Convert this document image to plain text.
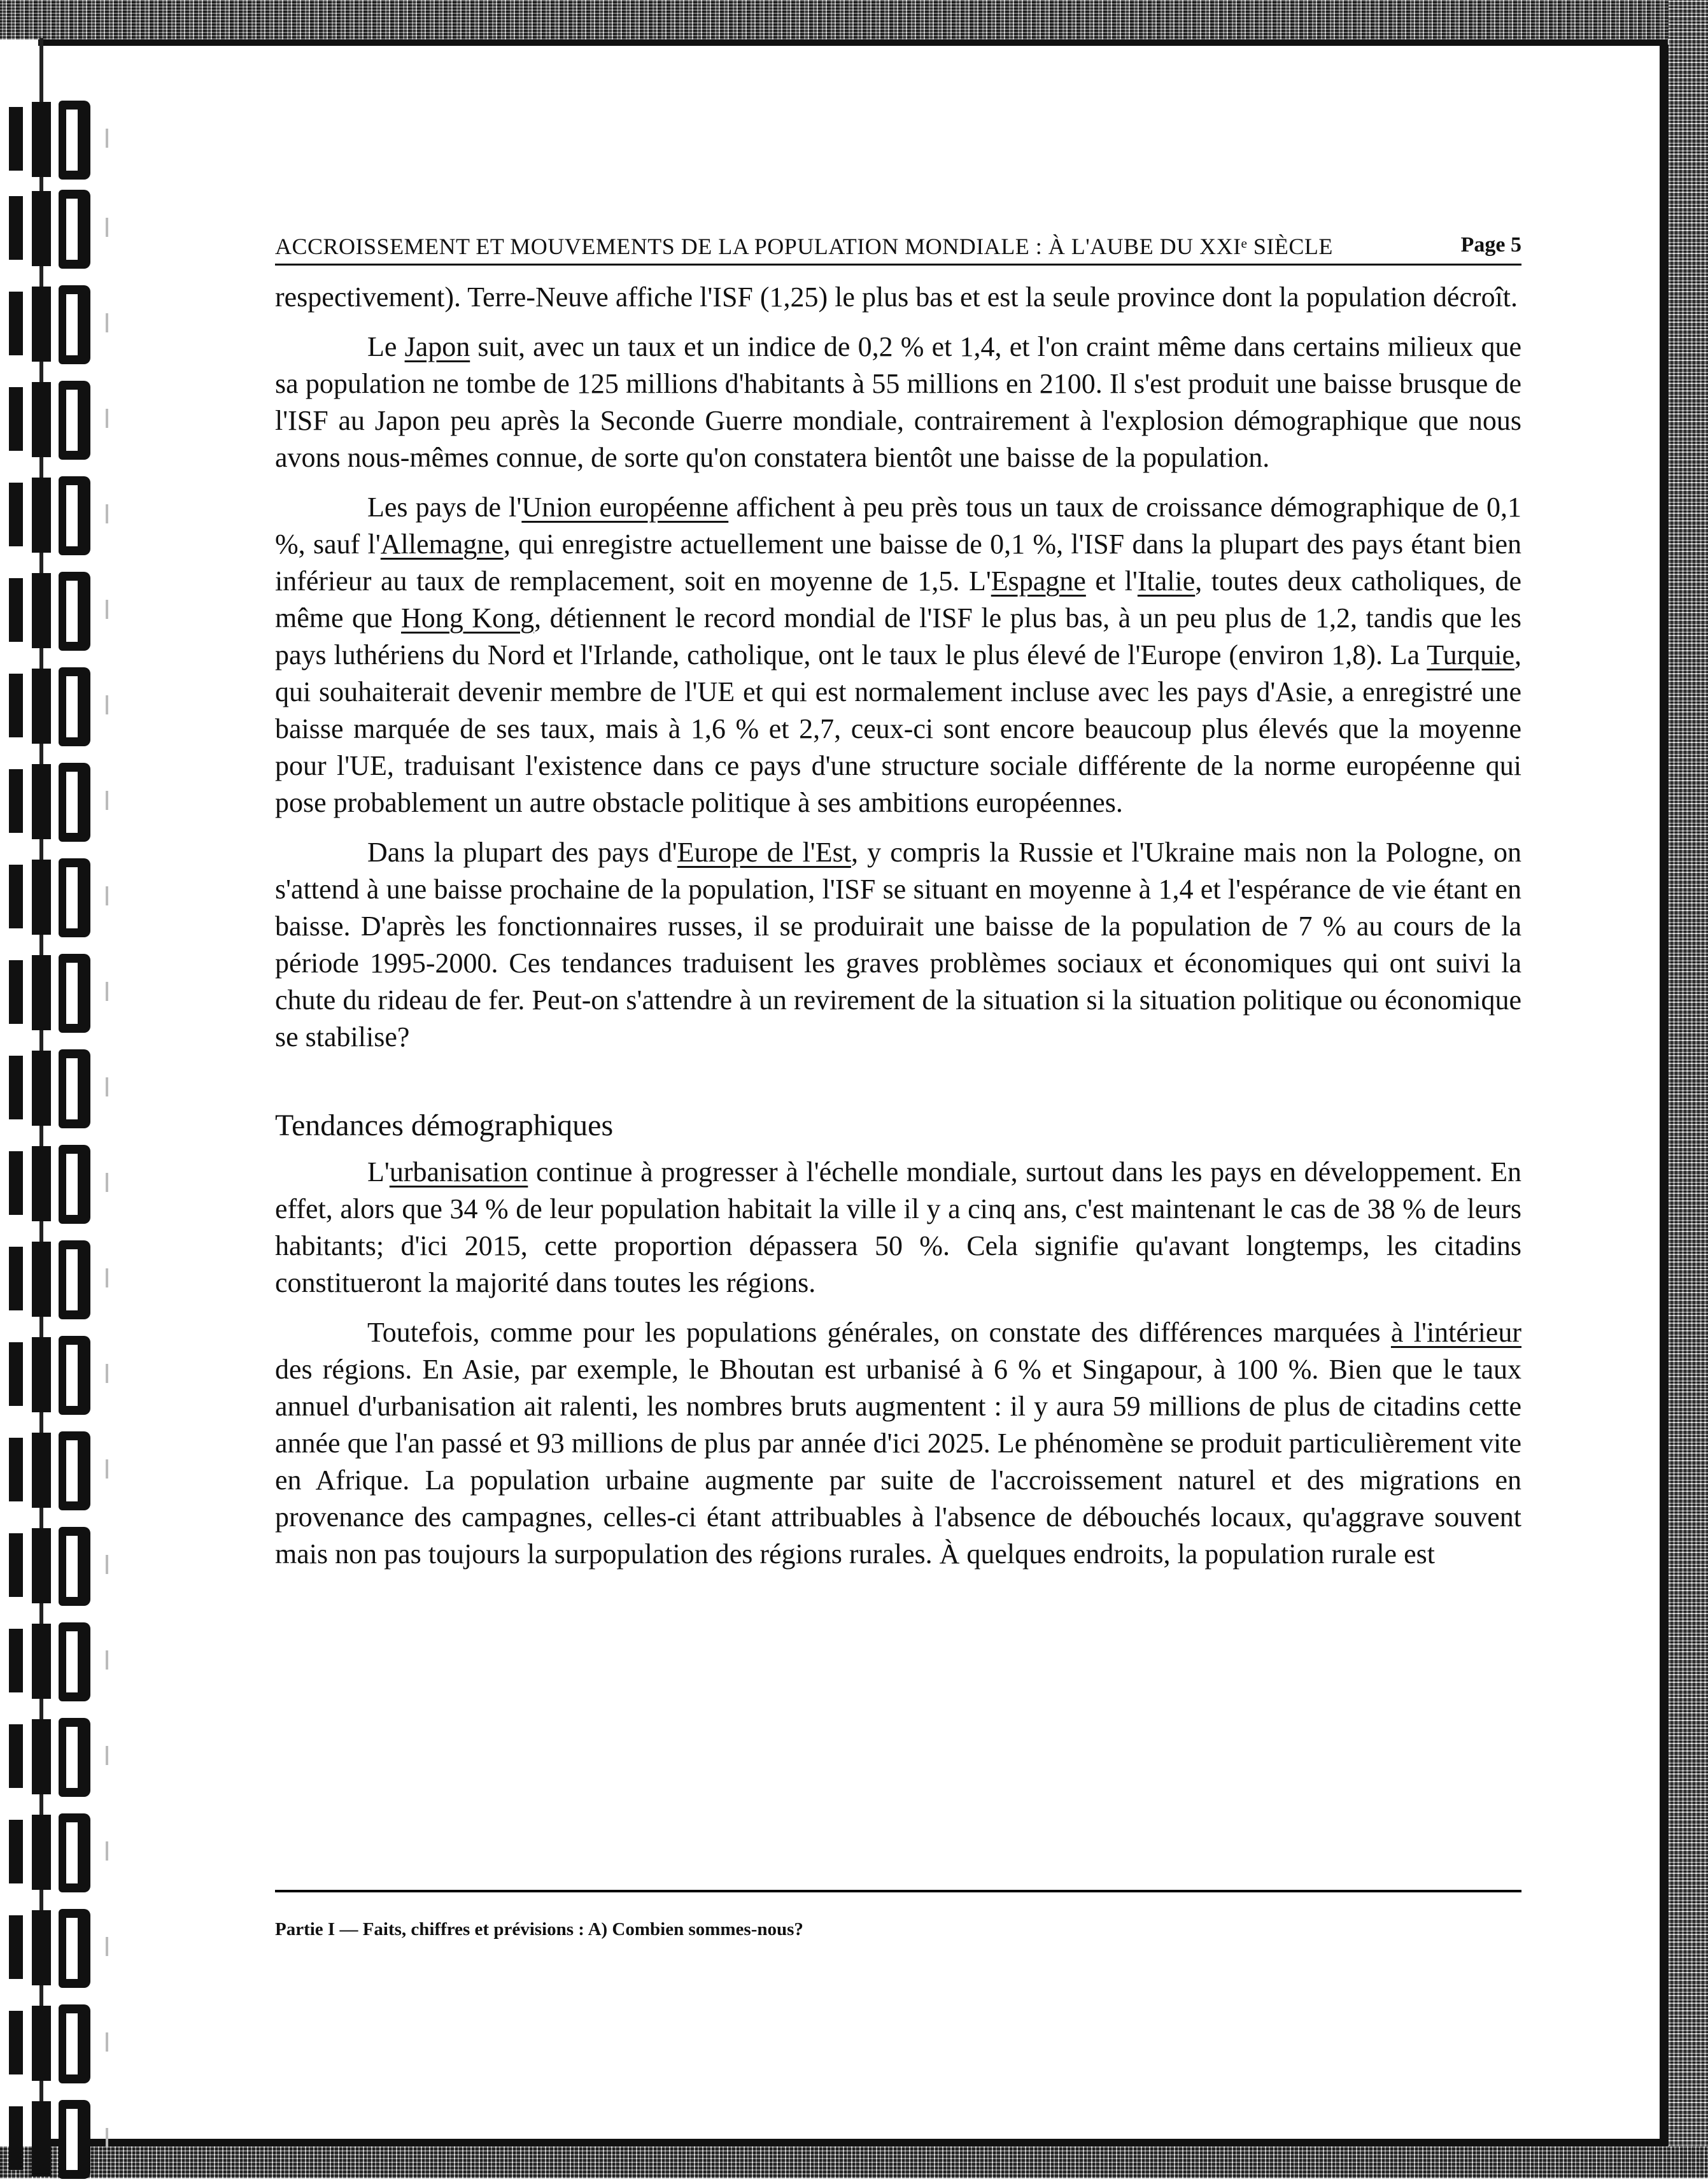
ACCROISSEMENT ET MOUVEMENTS DE LA POPULATION MONDIALE : À L'AUBE DU XXIᵉ SIÈCLE	Page 5

respectivement). Terre-Neuve affiche l'ISF (1,25) le plus bas et est la seule province dont la population décroît.

Le Japon suit, avec un taux et un indice de 0,2 % et 1,4, et l'on craint même dans certains milieux que sa population ne tombe de 125 millions d'habitants à 55 millions en 2100. Il s'est produit une baisse brusque de l'ISF au Japon peu après la Seconde Guerre mondiale, contrairement à l'explosion démographique que nous avons nous-mêmes connue, de sorte qu'on constatera bientôt une baisse de la population.

Les pays de l'Union européenne affichent à peu près tous un taux de croissance démographique de 0,1 %, sauf l'Allemagne, qui enregistre actuellement une baisse de 0,1 %, l'ISF dans la plupart des pays étant bien inférieur au taux de remplacement, soit en moyenne de 1,5. L'Espagne et l'Italie, toutes deux catholiques, de même que Hong Kong, détiennent le record mondial de l'ISF le plus bas, à un peu plus de 1,2, tandis que les pays luthériens du Nord et l'Irlande, catholique, ont le taux le plus élevé de l'Europe (environ 1,8). La Turquie, qui souhaiterait devenir membre de l'UE et qui est normalement incluse avec les pays d'Asie, a enregistré une baisse marquée de ses taux, mais à 1,6 % et 2,7, ceux-ci sont encore beaucoup plus élevés que la moyenne pour l'UE, traduisant l'existence dans ce pays d'une structure sociale différente de la norme européenne qui pose probablement un autre obstacle politique à ses ambitions européennes.

Dans la plupart des pays d'Europe de l'Est, y compris la Russie et l'Ukraine mais non la Pologne, on s'attend à une baisse prochaine de la population, l'ISF se situant en moyenne à 1,4 et l'espérance de vie étant en baisse. D'après les fonctionnaires russes, il se produirait une baisse de la population de 7 % au cours de la période 1995-2000. Ces tendances traduisent les graves problèmes sociaux et économiques qui ont suivi la chute du rideau de fer. Peut-on s'attendre à un revirement de la situation si la situation politique ou économique se stabilise?

Tendances démographiques

L'urbanisation continue à progresser à l'échelle mondiale, surtout dans les pays en développement. En effet, alors que 34 % de leur population habitait la ville il y a cinq ans, c'est maintenant le cas de 38 % de leurs habitants; d'ici 2015, cette proportion dépassera 50 %. Cela signifie qu'avant longtemps, les citadins constitueront la majorité dans toutes les régions.

Toutefois, comme pour les populations générales, on constate des différences marquées à l'intérieur des régions. En Asie, par exemple, le Bhoutan est urbanisé à 6 % et Singapour, à 100 %. Bien que le taux annuel d'urbanisation ait ralenti, les nombres bruts augmentent : il y aura 59 millions de plus de citadins cette année que l'an passé et 93 millions de plus par année d'ici 2025. Le phénomène se produit particulièrement vite en Afrique. La population urbaine augmente par suite de l'accroissement naturel et des migrations en provenance des campagnes, celles-ci étant attribuables à l'absence de débouchés locaux, qu'aggrave souvent mais non pas toujours la surpopulation des régions rurales. À quelques endroits, la population rurale est

Partie I — Faits, chiffres et prévisions : A) Combien sommes-nous?
